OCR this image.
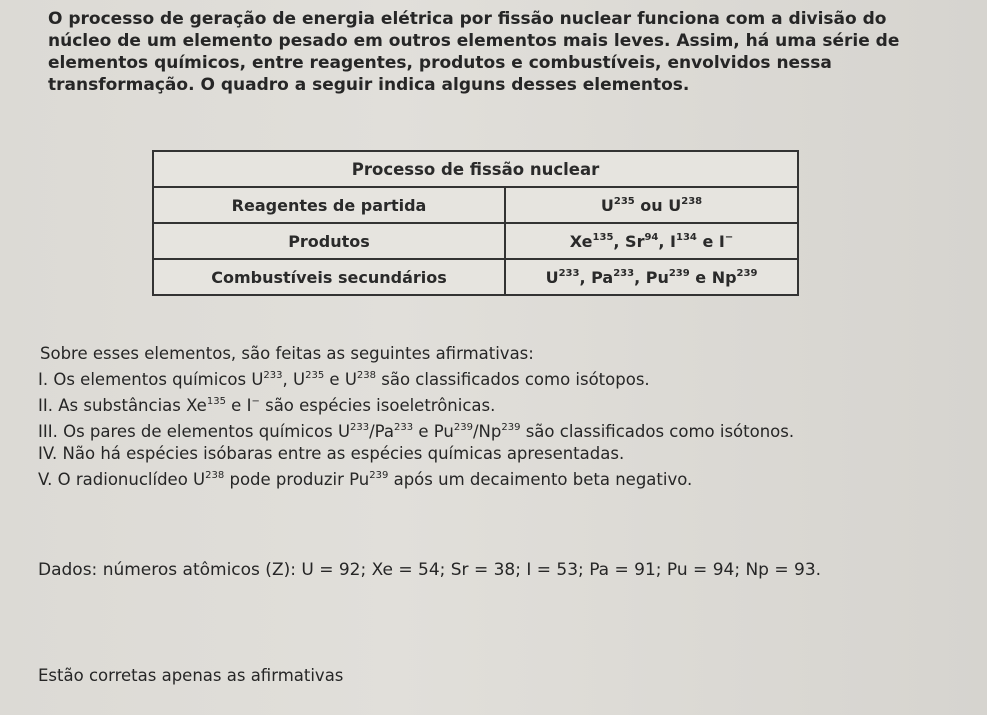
O processo de geração de energia elétrica por fissão nuclear funciona com a divisão do núcleo de um elemento pesado em outros elementos mais leves. Assim, há uma série de elementos químicos, entre reagentes, produtos e combustíveis, envolvidos nessa transformação. O quadro a seguir indica alguns desses elementos.

Processo de fissão nuclear	
Reagentes de partida	$U^{235}$ ou $U^{238}$
Produtos	Xe$^{135}$, Sr$^{94}$, $I^{134}$ e I−
Combustíveis secundários	$U^{233}$, Pa$^{233}$, Pu$^{239}$ e Np$^{239}$

Sobre esses elementos, são feitas as seguintes afirmativas:

I. Os elementos químicos $U^{233}$, $U^{235}$ e $U^{238}$ são classificados como isótopos.

II. As substâncias Xe$^{135}$ e I− são espécies isoeletrônicas.

III. Os pares de elementos químicos $U^{233}/Pa^{233}$ e Pu$^{239}$/Np$^{239}$ são classificados como isótonos.

IV. Não há espécies isóbaras entre as espécies químicas apresentadas.

V. O radionuclídeo $U^{238}$ pode produzir Pu$^{239}$ após um decaimento beta negativo.

Dados: números atômicos (Z): U = 92; Xe = 54; Sr = 38; I = 53; Pa = 91; Pu = 94; Np = 93.

Estão corretas apenas as afirmativas
